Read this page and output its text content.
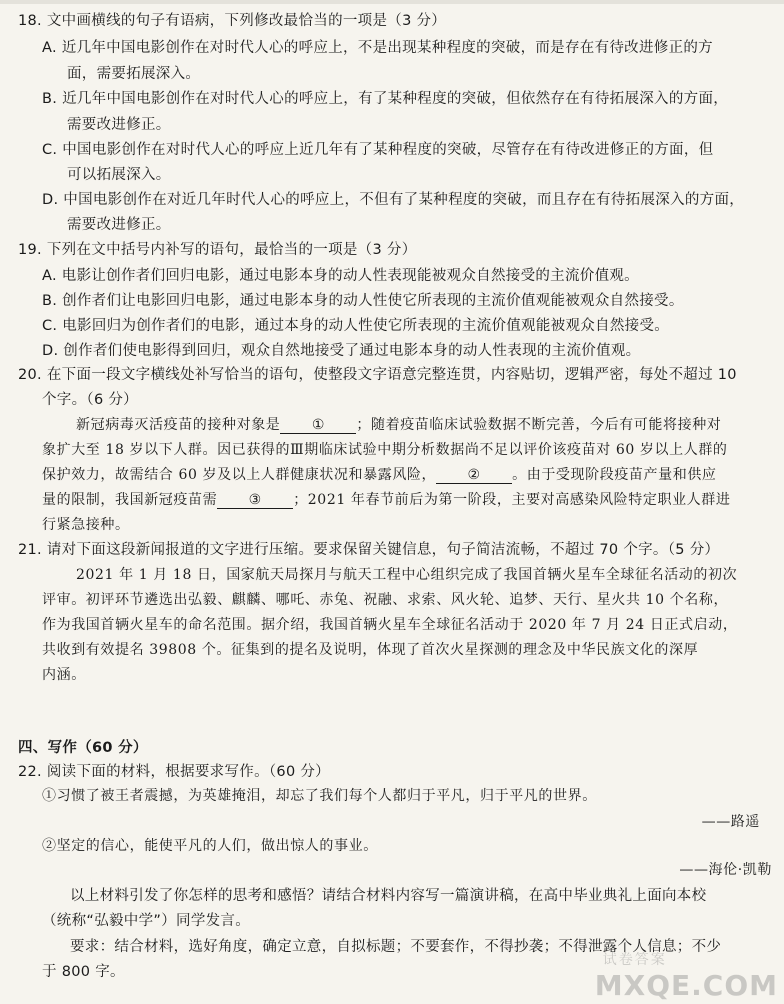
18. 文中画横线的句子有语病，下列修改最恰当的一项是（3 分）
A. 近几年中国电影创作在对时代人心的呼应上，不是出现某种程度的突破，而是存在有待改进修正的方
面，需要拓展深入。
B. 近几年中国电影创作在对时代人心的呼应上，有了某种程度的突破，但依然存在有待拓展深入的方面，
需要改进修正。
C. 中国电影创作在对时代人心的呼应上近几年有了某种程度的突破，尽管存在有待改进修正的方面，但
可以拓展深入。
D. 中国电影创作在对近几年时代人心的呼应上，不但有了某种程度的突破，而且存在有待拓展深入的方面，
需要改进修正。
19. 下列在文中括号内补写的语句，最恰当的一项是（3 分）
A. 电影让创作者们回归电影，通过电影本身的动人性表现能被观众自然接受的主流价值观。
B. 创作者们让电影回归电影，通过电影本身的动人性使它所表现的主流价值观能被观众自然接受。
C. 电影回归为创作者们的电影，通过本身的动人性使它所表现的主流价值观能被观众自然接受。
D. 创作者们使电影得到回归，观众自然地接受了通过电影本身的动人性表现的主流价值观。
20. 在下面一段文字横线处补写恰当的语句，使整段文字语意完整连贯，内容贴切，逻辑严密，每处不超过 10
个字。（6 分）
新冠病毒灭活疫苗的接种对象是 ① ；随着疫苗临床试验数据不断完善，今后有可能将接种对
象扩大至 18 岁以下人群。因已获得的Ⅲ期临床试验中期分析数据尚不足以评价该疫苗对 60 岁以上人群的
保护效力，故需结合 60 岁及以上人群健康状况和暴露风险， ② 。由于受现阶段疫苗产量和供应
量的限制，我国新冠疫苗需 ③ ；2021 年春节前后为第一阶段，主要对高感染风险特定职业人群进
行紧急接种。
21. 请对下面这段新闻报道的文字进行压缩。要求保留关键信息，句子简洁流畅，不超过 70 个字。（5 分）
2021 年 1 月 18 日，国家航天局探月与航天工程中心组织完成了我国首辆火星车全球征名活动的初次
评审。初评环节遴选出弘毅、麒麟、哪吒、赤兔、祝融、求索、风火轮、追梦、天行、星火共 10 个名称，
作为我国首辆火星车的命名范围。据介绍，我国首辆火星车全球征名活动于 2020 年 7 月 24 日正式启动，
共收到有效提名 39808 个。征集到的提名及说明，体现了首次火星探测的理念及中华民族文化的深厚
内涵。
四、写作（60 分）
22. 阅读下面的材料，根据要求写作。（60 分）
①习惯了被王者震撼，为英雄掩泪，却忘了我们每个人都归于平凡，归于平凡的世界。
——路遥
②坚定的信心，能使平凡的人们，做出惊人的事业。
——海伦·凯勒
以上材料引发了你怎样的思考和感悟？请结合材料内容写一篇演讲稿，在高中毕业典礼上面向本校
（统称“弘毅中学”）同学发言。
要求：结合材料，选好角度，确定立意，自拟标题；不要套作，不得抄袭；不得泄露个人信息；不少
于 800 字。
试卷答案
MXQE.COM
